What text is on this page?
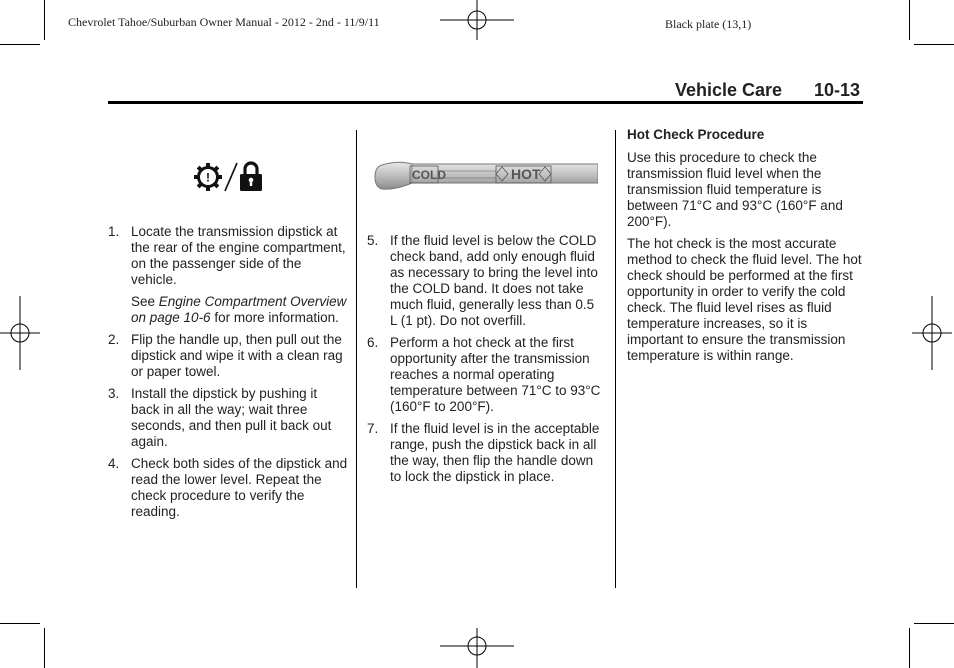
Chevrolet Tahoe/Suburban Owner Manual - 2012 - 2nd - 11/9/11	Black plate (13,1)
Vehicle Care 10-13
!	COLD	HOT
1. Locate the transmission dipstick at the rear of the engine compartment, on the passenger side of the vehicle.
See Engine Compartment Overview on page 10-6 for more information.
2. Flip the handle up, then pull out the dipstick and wipe it with a clean rag or paper towel.
3. Install the dipstick by pushing it back in all the way; wait three seconds, and then pull it back out again.
4. Check both sides of the dipstick and read the lower level. Repeat the check procedure to verify the reading.
5. If the fluid level is below the COLD check band, add only enough fluid as necessary to bring the level into the COLD band. It does not take much fluid, generally less than 0.5 L (1 pt). Do not overfill.
6. Perform a hot check at the first opportunity after the transmission reaches a normal operating temperature between 71°C to 93°C (160°F to 200°F).
7. If the fluid level is in the acceptable range, push the dipstick back in all the way, then flip the handle down to lock the dipstick in place.
Hot Check Procedure

Use this procedure to check the transmission fluid level when the transmission fluid temperature is between 71°C and 93°C (160°F and 200°F).

The hot check is the most accurate method to check the fluid level. The hot check should be performed at the first opportunity in order to verify the cold check. The fluid level rises as fluid temperature increases, so it is important to ensure the transmission temperature is within range.
